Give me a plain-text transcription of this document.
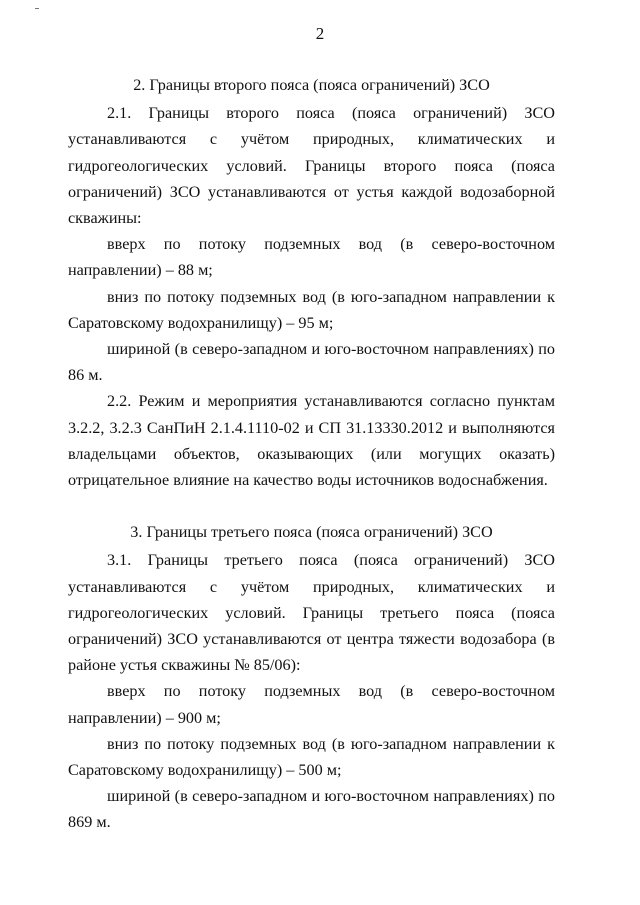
2

2. Границы второго пояса (пояса ограничений) ЗСО

2.1. Границы второго пояса (пояса ограничений) ЗСО устанавливаются с учётом природных, климатических и гидрогеологических условий. Границы второго пояса (пояса ограничений) ЗСО устанавливаются от устья каждой водозаборной скважины:

вверх по потоку подземных вод (в северо-восточном направлении) – 88 м;

вниз по потоку подземных вод (в юго-западном направлении к Саратовскому водохранилищу) – 95 м;

шириной (в северо-западном и юго-восточном направлениях) по 86 м.

2.2. Режим и мероприятия устанавливаются согласно пунктам 3.2.2, 3.2.3 СанПиН 2.1.4.1110-02 и СП 31.13330.2012 и выполняются владельцами объектов, оказывающих (или могущих оказать) отрицательное влияние на качество воды источников водоснабжения.

3. Границы третьего пояса (пояса ограничений) ЗСО

3.1. Границы третьего пояса (пояса ограничений) ЗСО устанавливаются с учётом природных, климатических и гидрогеологических условий. Границы третьего пояса (пояса ограничений) ЗСО устанавливаются от центра тяжести водозабора (в районе устья скважины № 85/06):

вверх по потоку подземных вод (в северо-восточном направлении) – 900 м;

вниз по потоку подземных вод (в юго-западном направлении к Саратовскому водохранилищу) – 500 м;

шириной (в северо-западном и юго-восточном направлениях) по 869 м.
